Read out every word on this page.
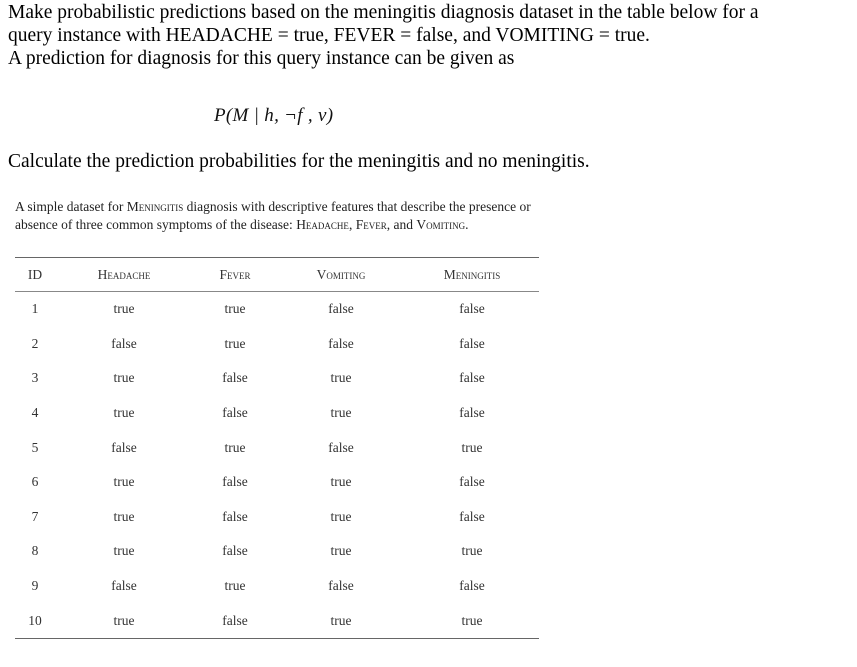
Make probabilistic predictions based on the meningitis diagnosis dataset in the table below for a
query instance with HEADACHE = true, FEVER = false, and VOMITING = true.
A prediction for diagnosis for this query instance can be given as
P(M | h, ¬f , v)
Calculate the prediction probabilities for the meningitis and no meningitis.
A simple dataset for Meningitis diagnosis with descriptive features that describe the presence or absence of three common symptoms of the disease: Headache, Fever, and Vomiting.
ID	Headache	Fever	Vomiting	Meningitis
1	true	true	false	false
2	false	true	false	false
3	true	false	true	false
4	true	false	true	false
5	false	true	false	true
6	true	false	true	false
7	true	false	true	false
8	true	false	true	true
9	false	true	false	false
10	true	false	true	true
